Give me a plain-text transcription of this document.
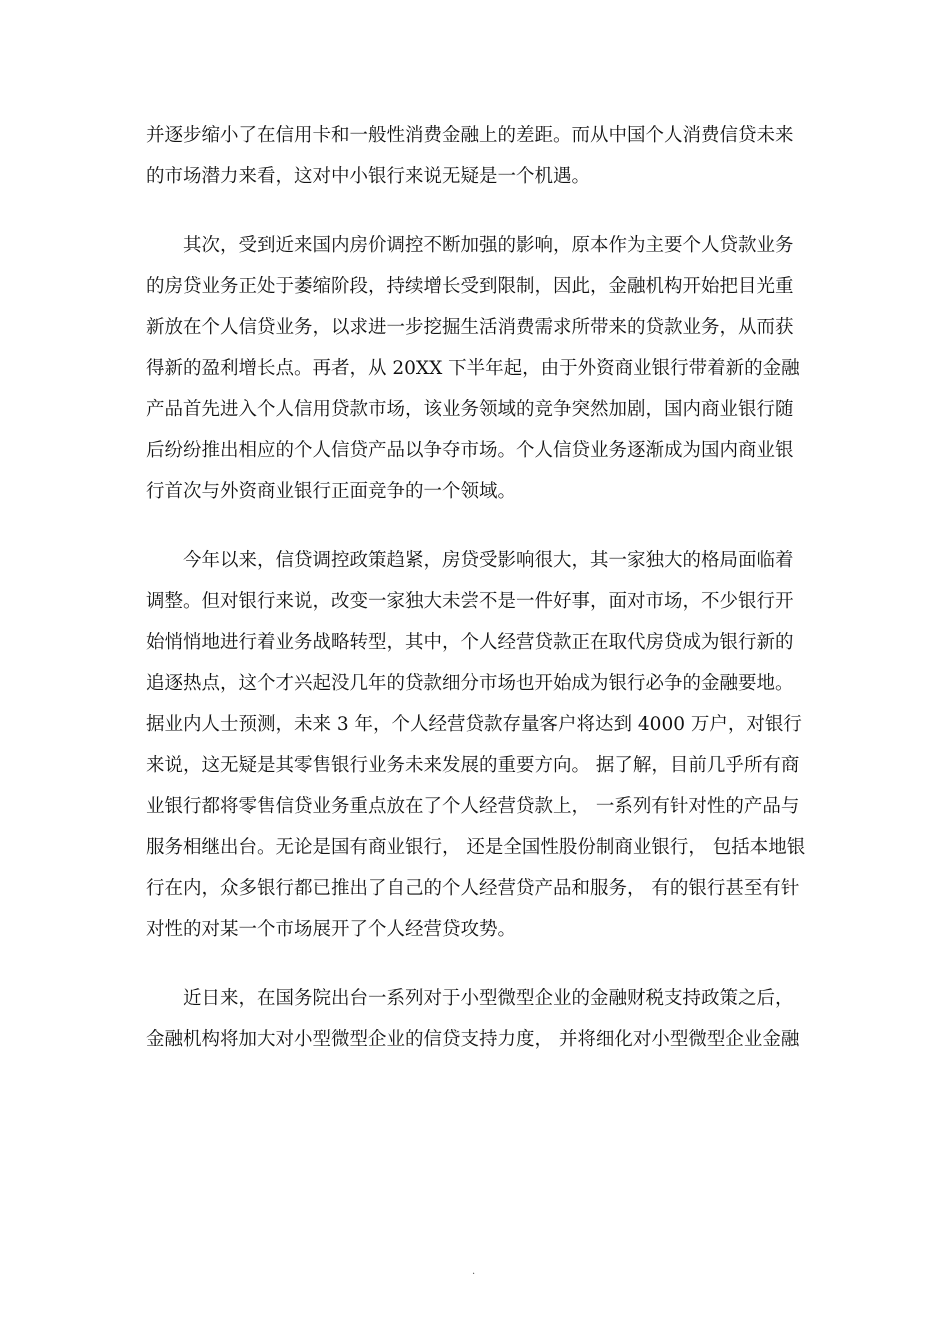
并逐步缩小了在信用卡和一般性消费金融上的差距。而从中国个人消费信贷未来
的市场潜力来看，这对中小银行来说无疑是一个机遇。

　　其次，受到近来国内房价调控不断加强的影响，原本作为主要个人贷款业务
的房贷业务正处于萎缩阶段，持续增长受到限制，因此，金融机构开始把目光重
新放在个人信贷业务，以求进一步挖掘生活消费需求所带来的贷款业务，从而获
得新的盈利增长点。再者，从 20XX 下半年起，由于外资商业银行带着新的金融
产品首先进入个人信用贷款市场，该业务领域的竞争突然加剧，国内商业银行随
后纷纷推出相应的个人信贷产品以争夺市场。个人信贷业务逐渐成为国内商业银
行首次与外资商业银行正面竞争的一个领域。

　　今年以来，信贷调控政策趋紧，房贷受影响很大，其一家独大的格局面临着
调整。但对银行来说，改变一家独大未尝不是一件好事，面对市场，不少银行开
始悄悄地进行着业务战略转型，其中，个人经营贷款正在取代房贷成为银行新的
追逐热点，这个才兴起没几年的贷款细分市场也开始成为银行必争的金融要地。
据业内人士预测，未来 3 年，个人经营贷款存量客户将达到 4000 万户，对银行
来说，这无疑是其零售银行业务未来发展的重要方向。 据了解，目前几乎所有商
业银行都将零售信贷业务重点放在了个人经营贷款上， 一系列有针对性的产品与
服务相继出台。无论是国有商业银行， 还是全国性股份制商业银行， 包括本地银
行在内，众多银行都已推出了自己的个人经营贷产品和服务， 有的银行甚至有针
对性的对某一个市场展开了个人经营贷攻势。

　　近日来，在国务院出台一系列对于小型微型企业的金融财税支持政策之后，
金融机构将加大对小型微型企业的信贷支持力度， 并将细化对小型微型企业金融

.
